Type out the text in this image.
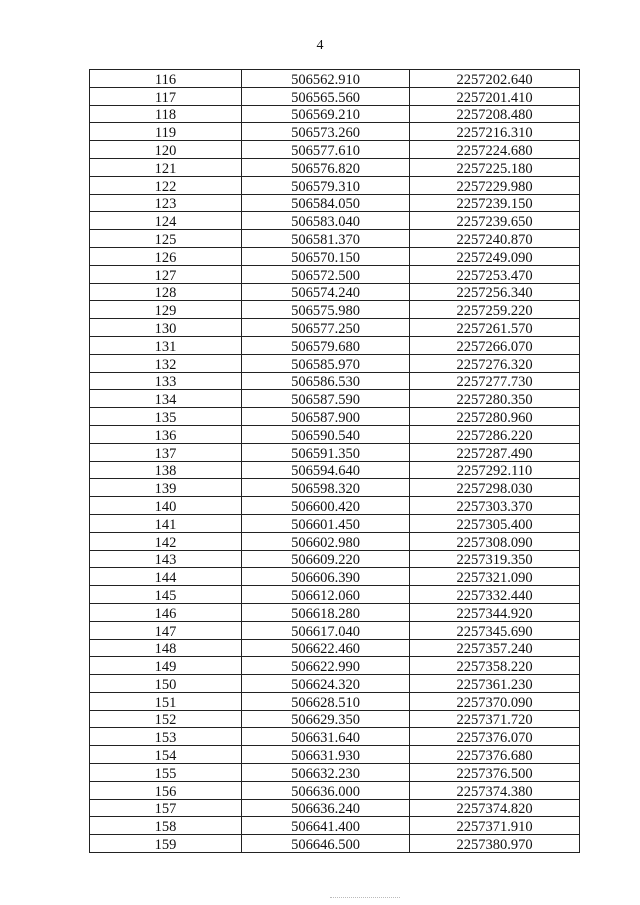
4
116	506562.910	2257202.640
117	506565.560	2257201.410
118	506569.210	2257208.480
119	506573.260	2257216.310
120	506577.610	2257224.680
121	506576.820	2257225.180
122	506579.310	2257229.980
123	506584.050	2257239.150
124	506583.040	2257239.650
125	506581.370	2257240.870
126	506570.150	2257249.090
127	506572.500	2257253.470
128	506574.240	2257256.340
129	506575.980	2257259.220
130	506577.250	2257261.570
131	506579.680	2257266.070
132	506585.970	2257276.320
133	506586.530	2257277.730
134	506587.590	2257280.350
135	506587.900	2257280.960
136	506590.540	2257286.220
137	506591.350	2257287.490
138	506594.640	2257292.110
139	506598.320	2257298.030
140	506600.420	2257303.370
141	506601.450	2257305.400
142	506602.980	2257308.090
143	506609.220	2257319.350
144	506606.390	2257321.090
145	506612.060	2257332.440
146	506618.280	2257344.920
147	506617.040	2257345.690
148	506622.460	2257357.240
149	506622.990	2257358.220
150	506624.320	2257361.230
151	506628.510	2257370.090
152	506629.350	2257371.720
153	506631.640	2257376.070
154	506631.930	2257376.680
155	506632.230	2257376.500
156	506636.000	2257374.380
157	506636.240	2257374.820
158	506641.400	2257371.910
159	506646.500	2257380.970
